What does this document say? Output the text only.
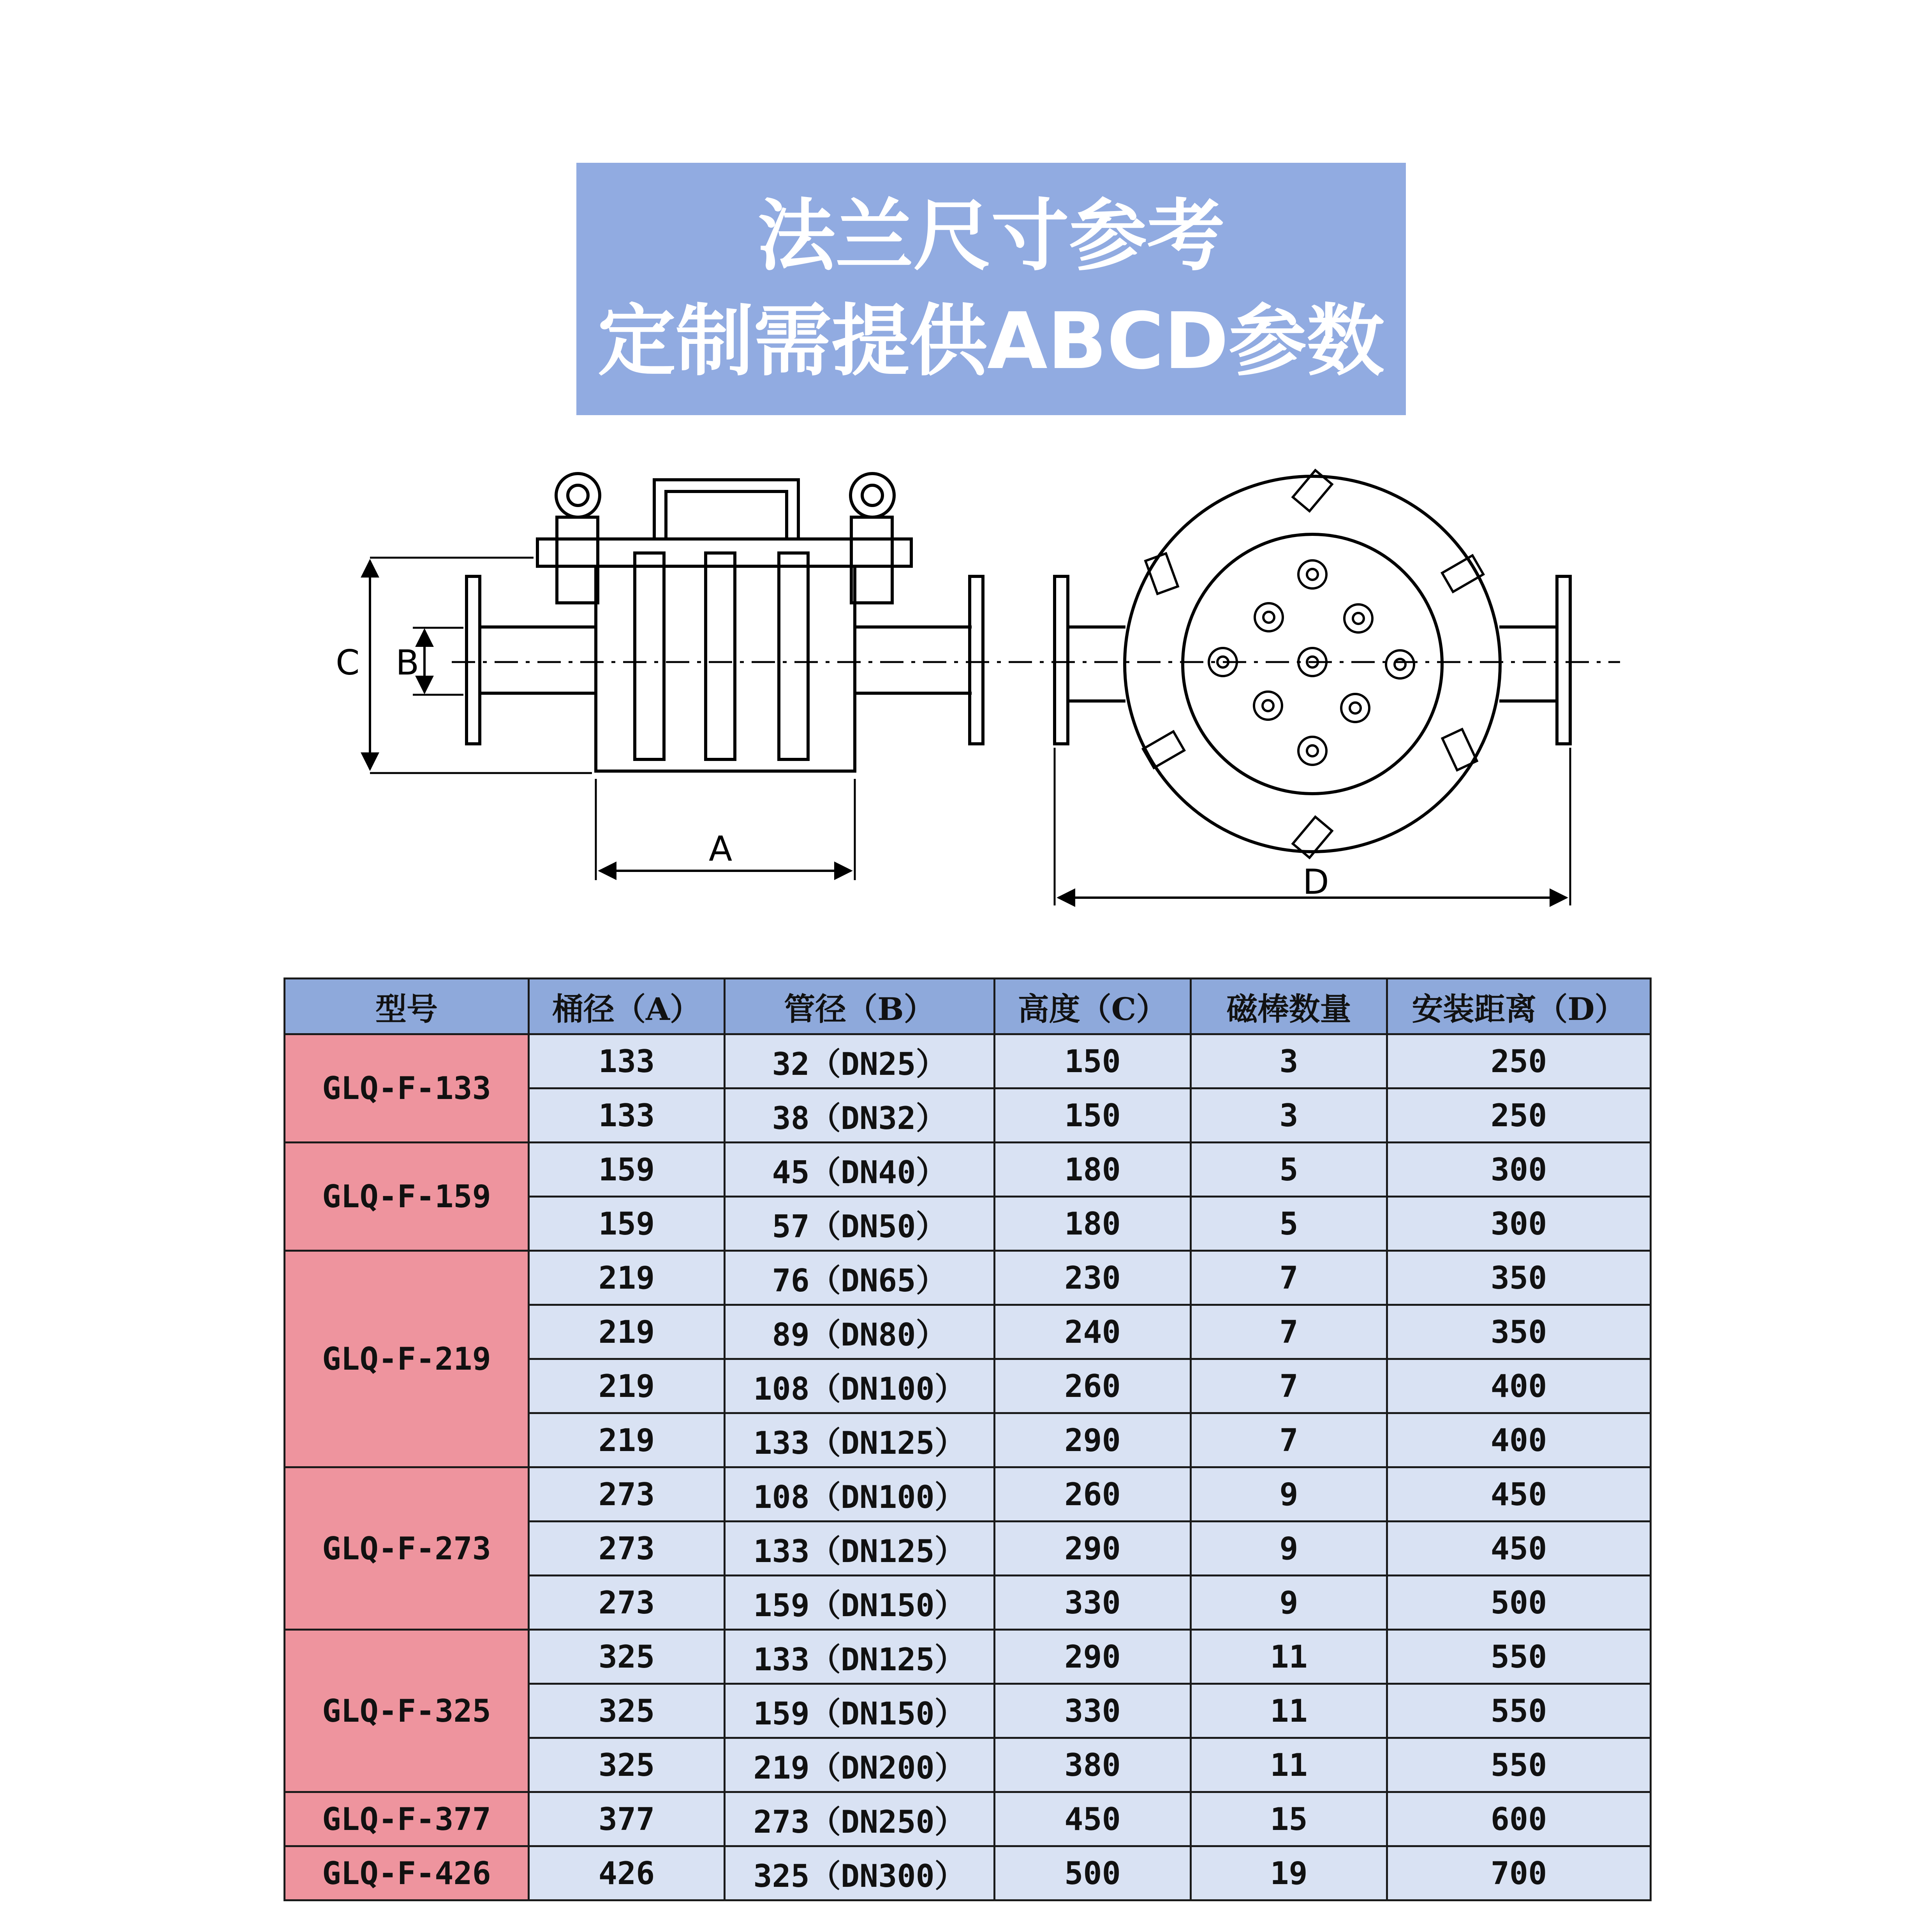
法兰尺寸参考
定制需提供ABCD参数
C B
A
D
型号	桶径（A）	管径（B）	高度（C）	磁棒数量	安装距离（D）
GLQ-F-133	133	32（DN25）	150	3	250
	133	38（DN32）	150	3	250
GLQ-F-159	159	45（DN40）	180	5	300
	159	57（DN50）	180	5	300
GLQ-F-219	219	76（DN65）	230	7	350
	219	89（DN80）	240	7	350
	219	108（DN100）	260	7	400
	219	133（DN125）	290	7	400
GLQ-F-273	273	108（DN100）	260	9	450
	273	133（DN125）	290	9	450
	273	159（DN150）	330	9	500
GLQ-F-325	325	133（DN125）	290	11	550
	325	159（DN150）	330	11	550
	325	219（DN200）	380	11	550
GLQ-F-377	377	273（DN250）	450	15	600
GLQ-F-426	426	325（DN300）	500	19	700
